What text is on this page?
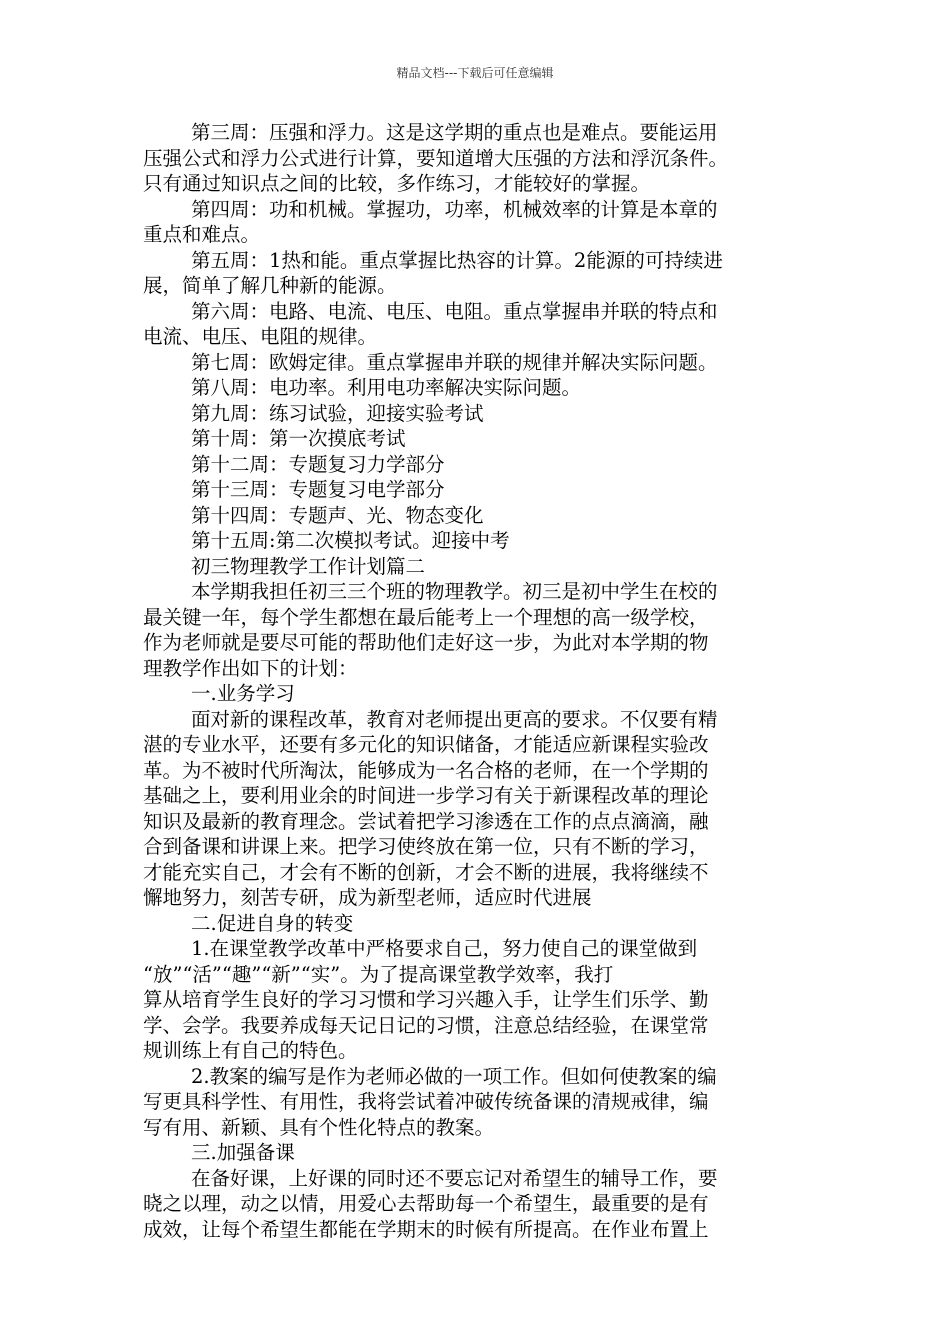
精品文档---下载后可任意编辑
第三周：压强和浮力。这是这学期的重点也是难点。要能运用
压强公式和浮力公式进行计算，要知道增大压强的方法和浮沉条件。
只有通过知识点之间的比较，多作练习，才能较好的掌握。
第四周：功和机械。掌握功，功率，机械效率的计算是本章的
重点和难点。
第五周：1热和能。重点掌握比热容的计算。2能源的可持续进
展，简单了解几种新的能源。
第六周：电路、电流、电压、电阻。重点掌握串并联的特点和
电流、电压、电阻的规律。
第七周：欧姆定律。重点掌握串并联的规律并解决实际问题。
第八周：电功率。利用电功率解决实际问题。
第九周：练习试验，迎接实验考试
第十周：第一次摸底考试
第十二周：专题复习力学部分
第十三周：专题复习电学部分
第十四周：专题声、光、物态变化
第十五周:第二次模拟考试。迎接中考
初三物理教学工作计划篇二
本学期我担任初三三个班的物理教学。初三是初中学生在校的
最关键一年，每个学生都想在最后能考上一个理想的高一级学校，
作为老师就是要尽可能的帮助他们走好这一步，为此对本学期的物
理教学作出如下的计划：
一.业务学习
面对新的课程改革，教育对老师提出更高的要求。不仅要有精
湛的专业水平，还要有多元化的知识储备，才能适应新课程实验改
革。为不被时代所淘汰，能够成为一名合格的老师，在一个学期的
基础之上，要利用业余的时间进一步学习有关于新课程改革的理论
知识及最新的教育理念。尝试着把学习渗透在工作的点点滴滴，融
合到备课和讲课上来。把学习使终放在第一位，只有不断的学习，
才能充实自己，才会有不断的创新，才会不断的进展，我将继续不
懈地努力，刻苦专研，成为新型老师，适应时代进展
二.促进自身的转变
1.在课堂教学改革中严格要求自己，努力使自己的课堂做到
“放”“活”“趣”“新”“实”。为了提高课堂教学效率，我打
算从培育学生良好的学习习惯和学习兴趣入手，让学生们乐学、勤
学、会学。我要养成每天记日记的习惯，注意总结经验，在课堂常
规训练上有自己的特色。
2.教案的编写是作为老师必做的一项工作。但如何使教案的编
写更具科学性、有用性，我将尝试着冲破传统备课的清规戒律，编
写有用、新颖、具有个性化特点的教案。
三.加强备课
在备好课，上好课的同时还不要忘记对希望生的辅导工作，要
晓之以理，动之以情，用爱心去帮助每一个希望生，最重要的是有
成效，让每个希望生都能在学期末的时候有所提高。在作业布置上
